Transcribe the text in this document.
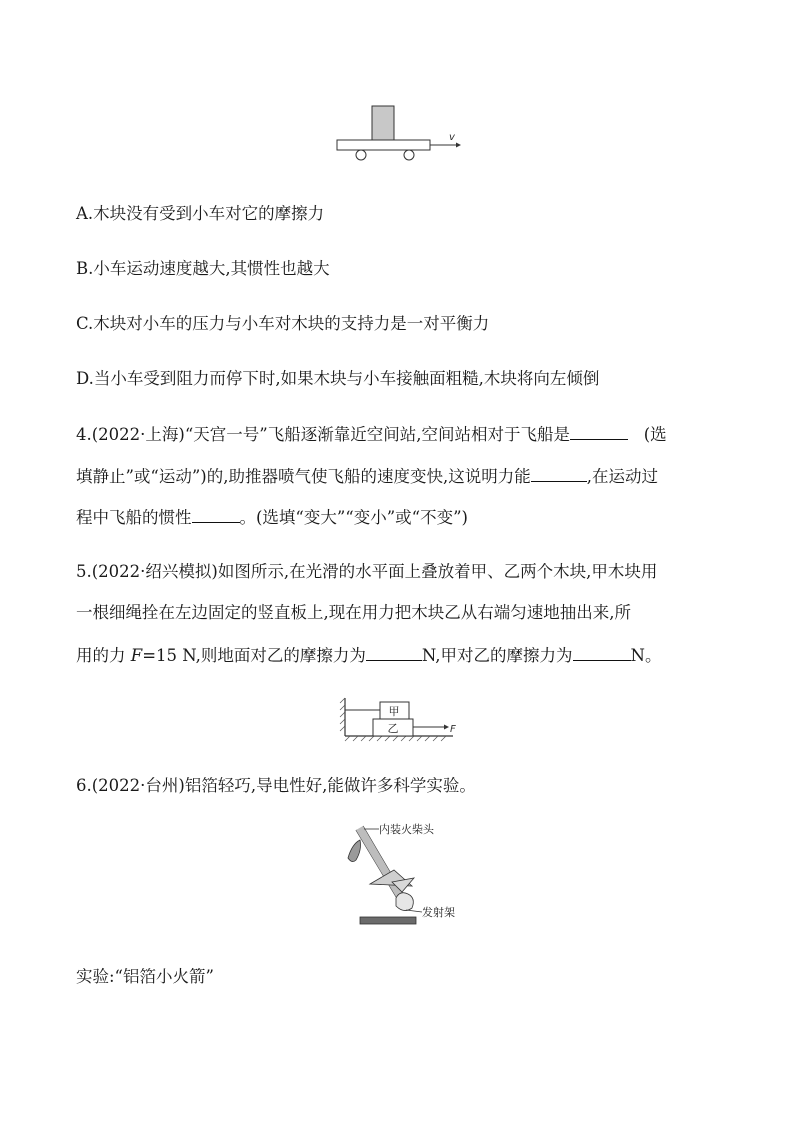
v
A.木块没有受到小车对它的摩擦力
B.小车运动速度越大,其惯性也越大
C.木块对小车的压力与小车对木块的支持力是一对平衡力
D.当小车受到阻力而停下时,如果木块与小车接触面粗糙,木块将向左倾倒
4.(2022·上海)“天宫一号”飞船逐渐靠近空间站,空间站相对于飞船是	(选
填静止”或“运动”)的,助推器喷气使飞船的速度变快,这说明力能	,在运动过
程中飞船的惯性	。(选填“变大”“变小”或“不变”)
5.(2022·绍兴模拟)如图所示,在光滑的水平面上叠放着甲、乙两个木块,甲木块用
一根细绳拴在左边固定的竖直板上,现在用力把木块乙从右端匀速地抽出来,所
用的力 F=15 N,则地面对乙的摩擦力为	N,甲对乙的摩擦力为	N。
甲
乙	F
6.(2022·台州)铝箔轻巧,导电性好,能做许多科学实验。
内装火柴头
发射架
实验:“铝箔小火箭”
